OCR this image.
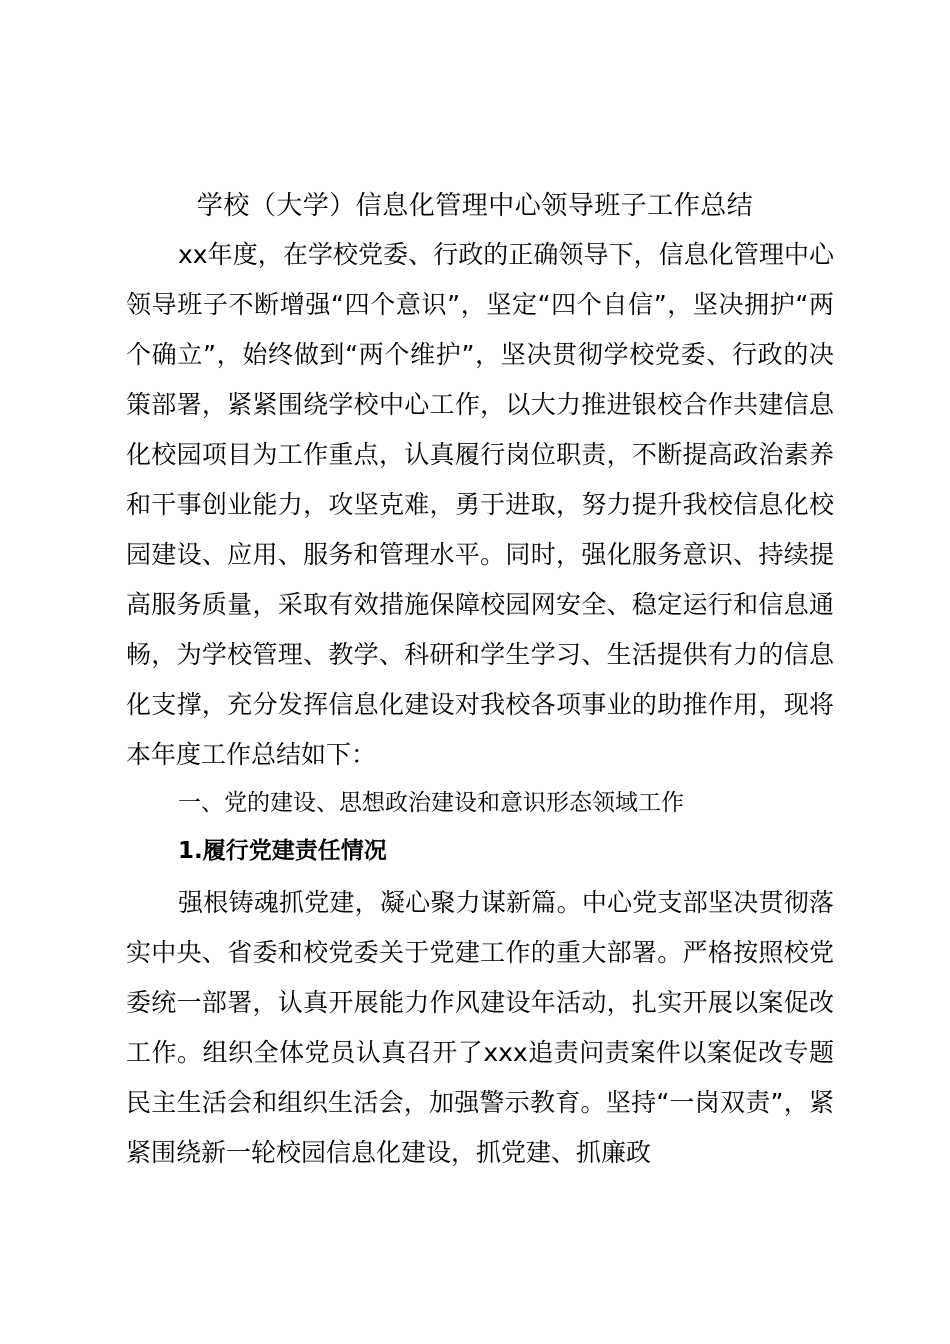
学校（大学）信息化管理中心领导班子工作总结

xx年度，在学校党委、行政的正确领导下，信息化管理中心领导班子不断增强“四个意识”，坚定“四个自信”，坚决拥护“两个确立”，始终做到“两个维护”，坚决贯彻学校党委、行政的决策部署，紧紧围绕学校中心工作，以大力推进银校合作共建信息化校园项目为工作重点，认真履行岗位职责，不断提高政治素养和干事创业能力，攻坚克难，勇于进取，努力提升我校信息化校园建设、应用、服务和管理水平。同时，强化服务意识、持续提高服务质量，采取有效措施保障校园网安全、稳定运行和信息通畅，为学校管理、教学、科研和学生学习、生活提供有力的信息化支撑，充分发挥信息化建设对我校各项事业的助推作用，现将本年度工作总结如下：

一、党的建设、思想政治建设和意识形态领域工作
1.履行党建责任情况

强根铸魂抓党建，凝心聚力谋新篇。中心党支部坚决贯彻落实中央、省委和校党委关于党建工作的重大部署。严格按照校党委统一部署，认真开展能力作风建设年活动，扎实开展以案促改工作。组织全体党员认真召开了xxx追责问责案件以案促改专题民主生活会和组织生活会，加强警示教育。坚持“一岗双责”，紧紧围绕新一轮校园信息化建设，抓党建、抓廉政
